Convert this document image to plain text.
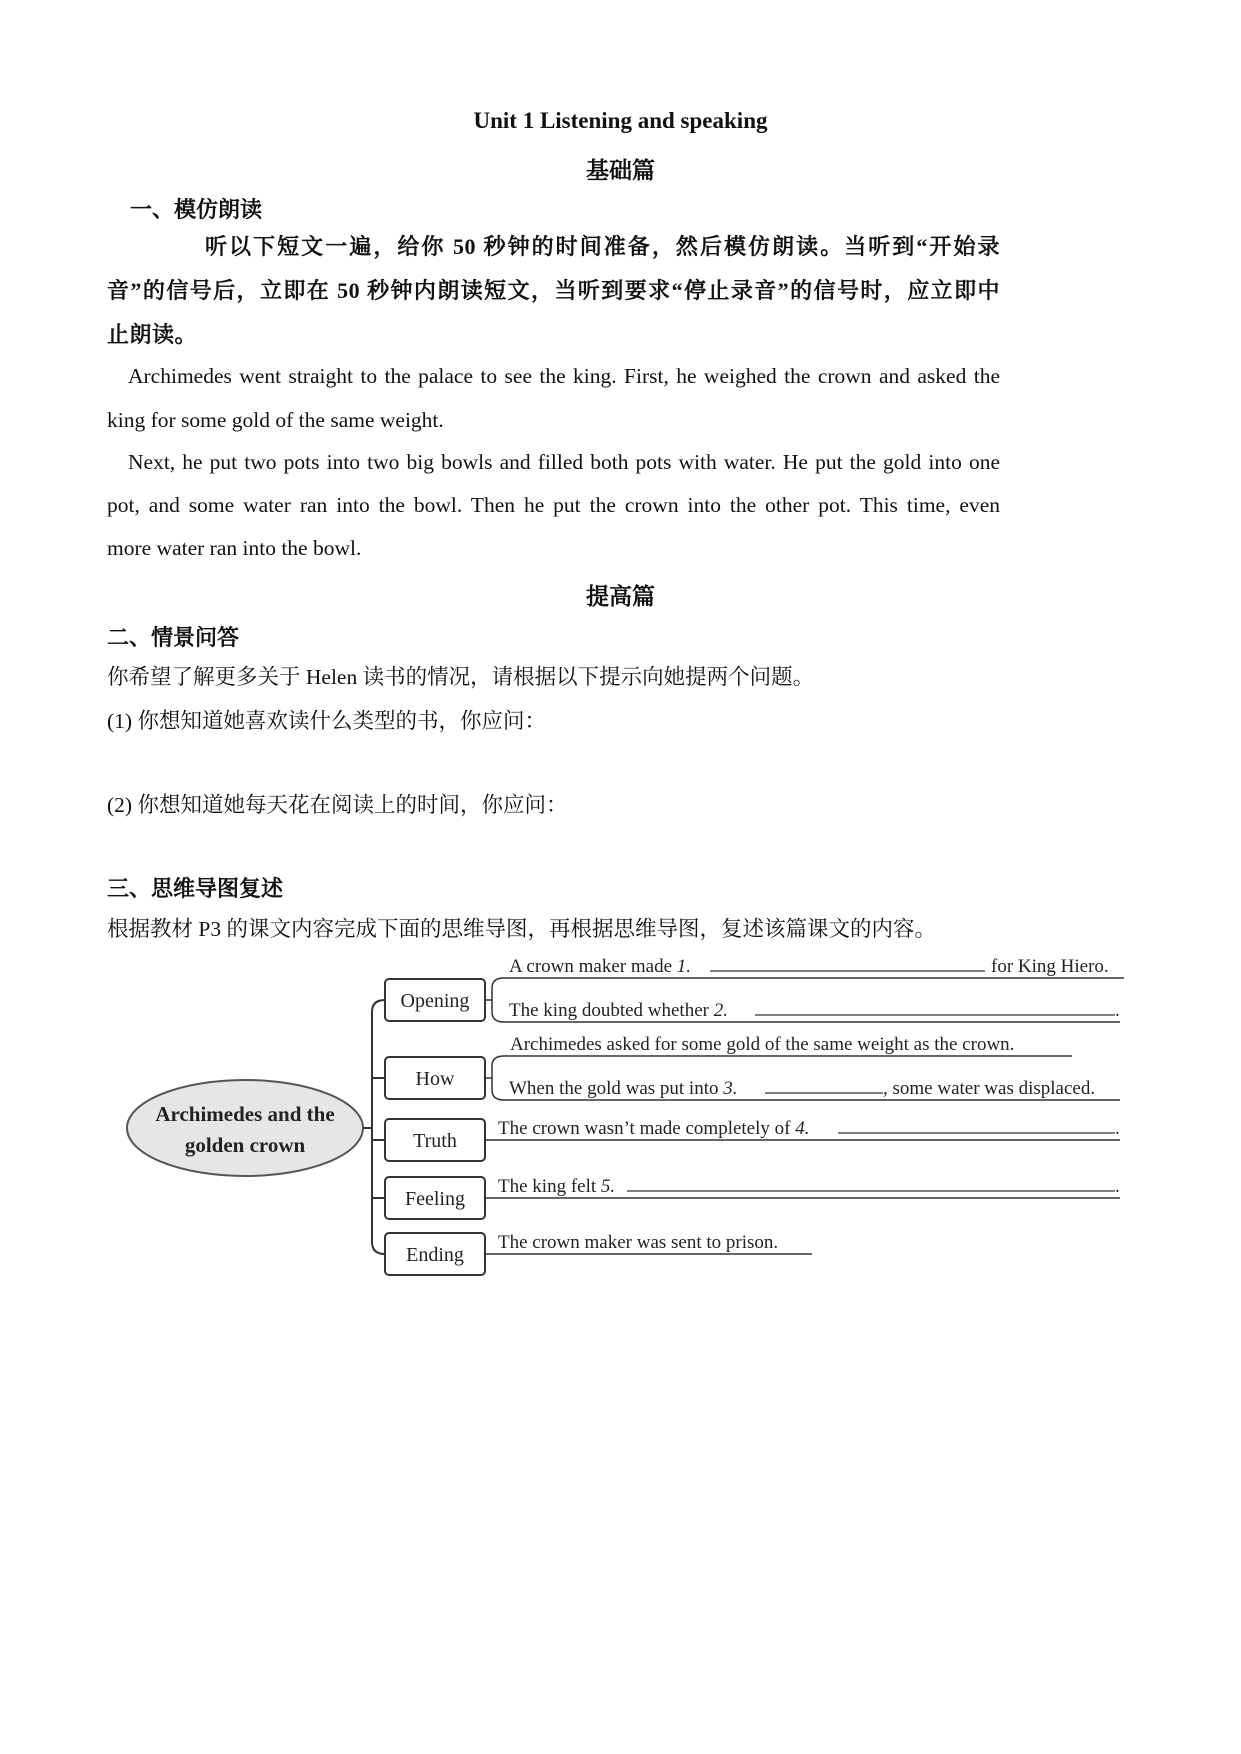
Unit 1 Listening and speaking
基础篇
一、模仿朗读
听以下短文一遍，给你 50 秒钟的时间准备，然后模仿朗读。当听到“开始录
音”的信号后，立即在 50 秒钟内朗读短文，当听到要求“停止录音”的信号时，应立即中
止朗读。
Archimedes went straight to the palace to see the king. First, he weighed the crown and asked the
king for some gold of the same weight.
Next, he put two pots into two big bowls and filled both pots with water. He put the gold into one
pot, and some water ran into the bowl. Then he put the crown into the other pot. This time, even
more water ran into the bowl.
提高篇
二、情景问答
你希望了解更多关于 Helen 读书的情况，请根据以下提示向她提两个问题。
(1) 你想知道她喜欢读什么类型的书，你应问：
(2) 你想知道她每天花在阅读上的时间，你应问：
三、思维导图复述
根据教材 P3 的课文内容完成下面的思维导图，再根据思维导图，复述该篇课文的内容。
Archimedes and the
golden crown
Opening
How
Truth
Feeling
Ending
A crown maker made 1.	for King Hiero.
The king doubted whether 2.	.
Archimedes asked for some gold of the same weight as the crown.
When the gold was put into 3.	, some water was displaced.
The crown wasn’t made completely of 4.	.
The king felt 5.	.
The crown maker was sent to prison.
